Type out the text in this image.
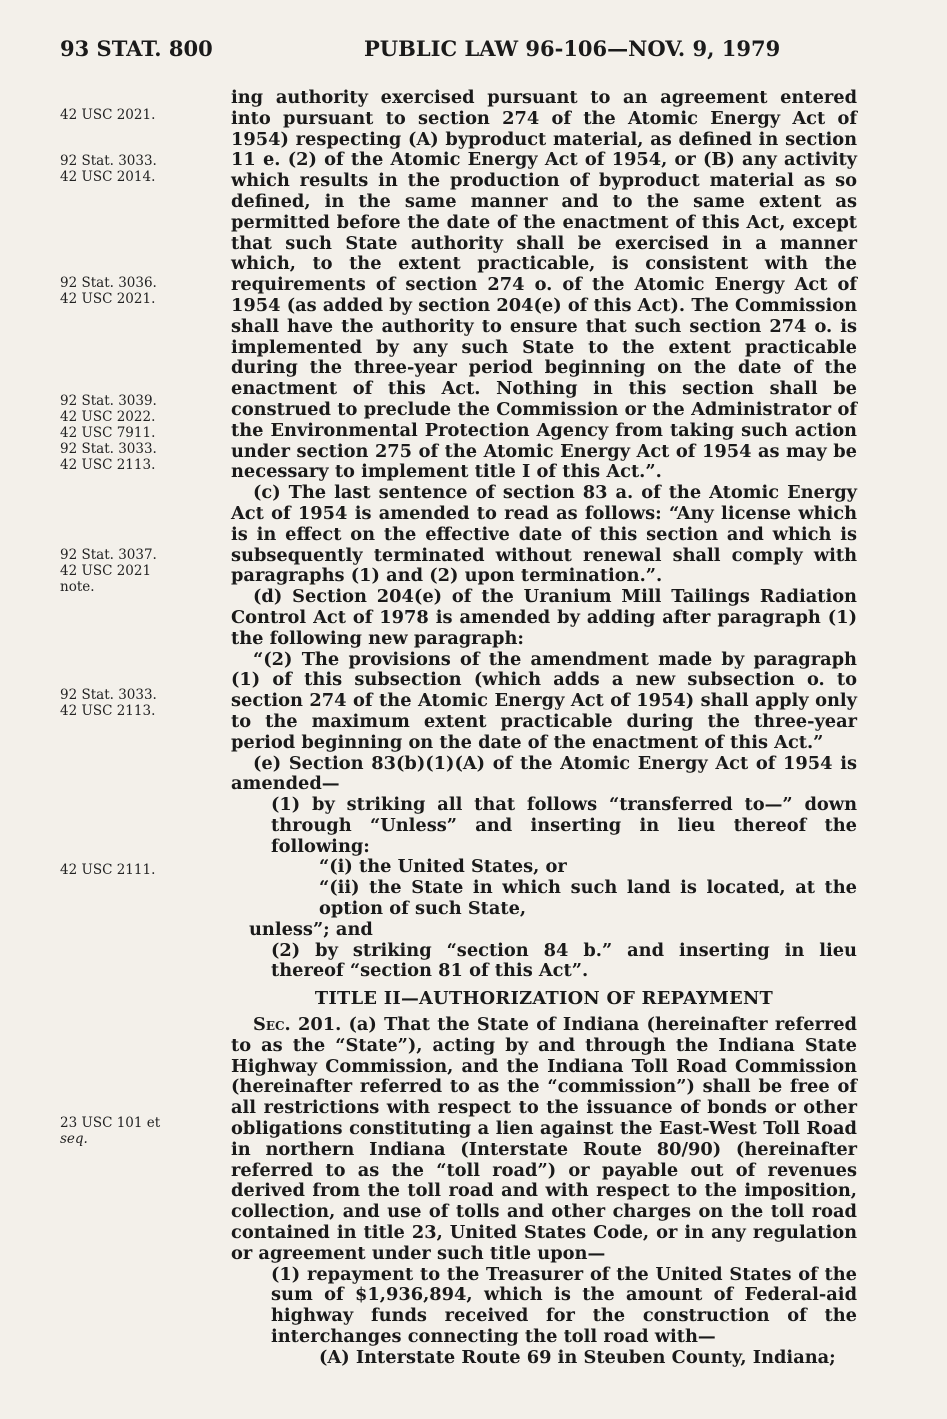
93 STAT. 800	PUBLIC LAW 96-106—NOV. 9, 1979
42 USC 2021.
92 Stat. 3033.
42 USC 2014.
92 Stat. 3036.
42 USC 2021.
92 Stat. 3039.
42 USC 2022.
42 USC 7911.
92 Stat. 3033.
42 USC 2113.
92 Stat. 3037.
42 USC 2021
note.
92 Stat. 3033.
42 USC 2113.
42 USC 2111.
23 USC 101 et
seq.

ing authority exercised pursuant to an agreement entered into pursuant to section 274 of the Atomic Energy Act of 1954) respecting (A) byproduct material, as defined in section 11 e. (2) of the Atomic Energy Act of 1954, or (B) any activity which results in the production of byproduct material as so defined, in the same manner and to the same extent as permitted before the date of the enactment of this Act, except that such State authority shall be exercised in a manner which, to the extent practicable, is consistent with the requirements of section 274 o. of the Atomic Energy Act of 1954 (as added by section 204(e) of this Act). The Commission shall have the authority to ensure that such section 274 o. is implemented by any such State to the extent practicable during the three-year period beginning on the date of the enactment of this Act. Nothing in this section shall be construed to preclude the Commission or the Administrator of the Environmental Protection Agency from taking such action under section 275 of the Atomic Energy Act of 1954 as may be necessary to implement title I of this Act.”.

(c) The last sentence of section 83 a. of the Atomic Energy Act of 1954 is amended to read as follows: “Any license which is in effect on the effective date of this section and which is subsequently terminated without renewal shall comply with paragraphs (1) and (2) upon termination.”.

(d) Section 204(e) of the Uranium Mill Tailings Radiation Control Act of 1978 is amended by adding after paragraph (1) the following new paragraph:

“(2) The provisions of the amendment made by paragraph (1) of this subsection (which adds a new subsection o. to section 274 of the Atomic Energy Act of 1954) shall apply only to the maximum extent practicable during the three-year period beginning on the date of the enactment of this Act.”

(e) Section 83(b)(1)(A) of the Atomic Energy Act of 1954 is amended—

(1) by striking all that follows “transferred to—” down through “Unless” and inserting in lieu thereof the following:

“(i) the United States, or

“(ii) the State in which such land is located, at the option of such State,

unless”; and

(2) by striking “section 84 b.” and inserting in lieu thereof “section 81 of this Act”.

TITLE II—AUTHORIZATION OF REPAYMENT

Sec. 201. (a) That the State of Indiana (hereinafter referred to as the “State”), acting by and through the Indiana State Highway Commission, and the Indiana Toll Road Commission (hereinafter referred to as the “commission”) shall be free of all restrictions with respect to the issuance of bonds or other obligations constituting a lien against the East-West Toll Road in northern Indiana (Interstate Route 80/90) (hereinafter referred to as the “toll road”) or payable out of revenues derived from the toll road and with respect to the imposition, collection, and use of tolls and other charges on the toll road contained in title 23, United States Code, or in any regulation or agreement under such title upon—

(1) repayment to the Treasurer of the United States of the sum of $1,936,894, which is the amount of Federal-aid highway funds received for the construction of the interchanges connecting the toll road with—

(A) Interstate Route 69 in Steuben County, Indiana;
